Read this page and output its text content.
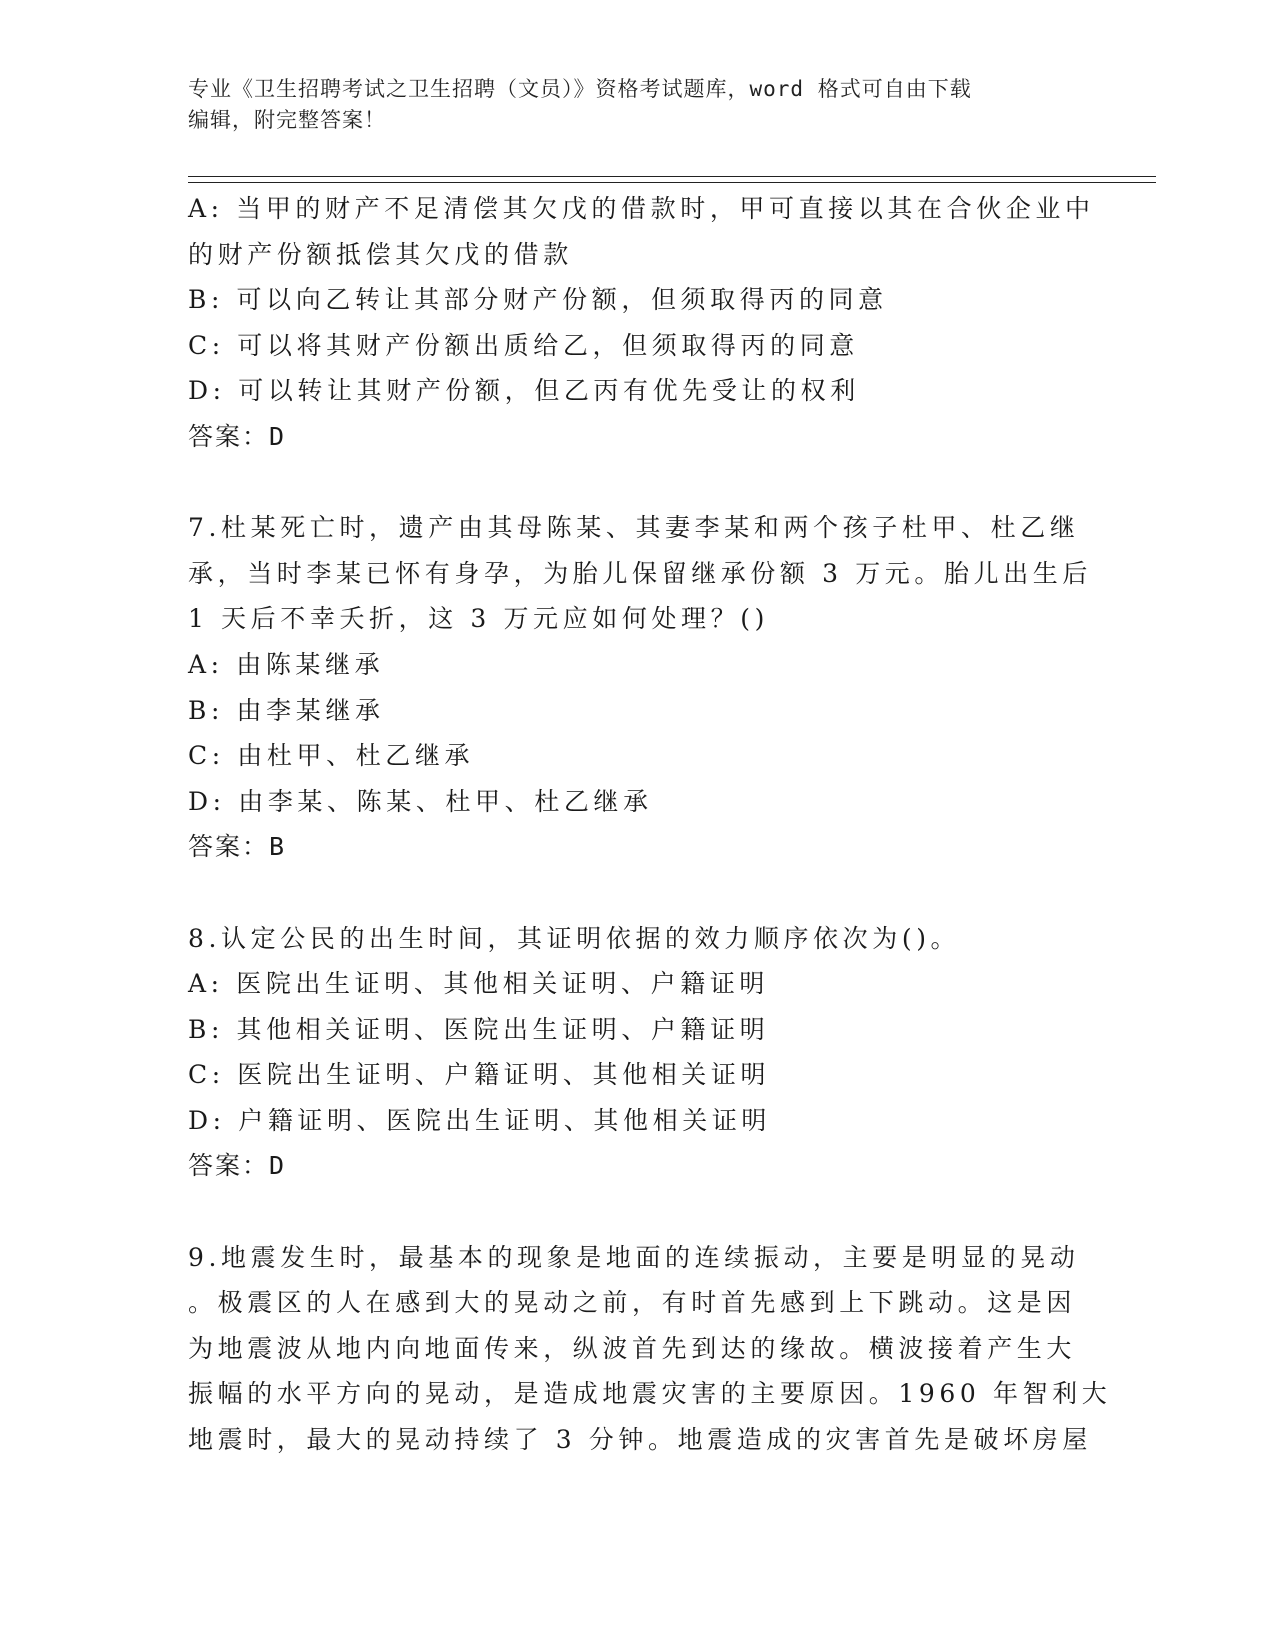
专业《卫生招聘考试之卫生招聘（文员）》资格考试题库，word 格式可自由下载
编辑，附完整答案！
A: 当甲的财产不足清偿其欠戊的借款时，甲可直接以其在合伙企业中
的财产份额抵偿其欠戊的借款
B: 可以向乙转让其部分财产份额，但须取得丙的同意
C: 可以将其财产份额出质给乙，但须取得丙的同意
D: 可以转让其财产份额，但乙丙有优先受让的权利
答案：D
7.杜某死亡时，遗产由其母陈某、其妻李某和两个孩子杜甲、杜乙继
承，当时李某已怀有身孕，为胎儿保留继承份额 3 万元。胎儿出生后
1 天后不幸夭折，这 3 万元应如何处理？()
A: 由陈某继承
B: 由李某继承
C: 由杜甲、杜乙继承
D: 由李某、陈某、杜甲、杜乙继承
答案：B
8.认定公民的出生时间，其证明依据的效力顺序依次为()。
A: 医院出生证明、其他相关证明、户籍证明
B: 其他相关证明、医院出生证明、户籍证明
C: 医院出生证明、户籍证明、其他相关证明
D: 户籍证明、医院出生证明、其他相关证明
答案：D
9.地震发生时，最基本的现象是地面的连续振动，主要是明显的晃动
。极震区的人在感到大的晃动之前，有时首先感到上下跳动。这是因
为地震波从地内向地面传来，纵波首先到达的缘故。横波接着产生大
振幅的水平方向的晃动，是造成地震灾害的主要原因。1960 年智利大
地震时，最大的晃动持续了 3 分钟。地震造成的灾害首先是破坏房屋
